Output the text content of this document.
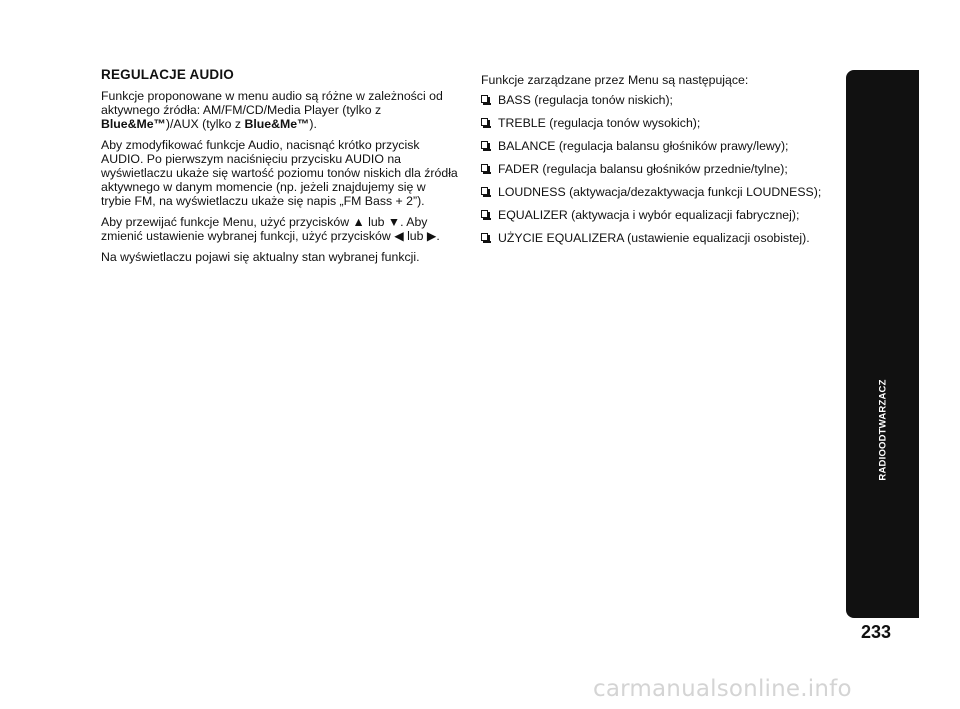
REGULACJE AUDIO

Funkcje proponowane w menu audio są różne w zależności od aktywnego źródła: AM/FM/CD/Media Player (tylko z Blue&Me™)/AUX (tylko z Blue&Me™).

Aby zmodyfikować funkcje Audio, nacisnąć krótko przycisk AUDIO. Po pierwszym naciśnięciu przycisku AUDIO na wyświetlaczu ukaże się wartość poziomu tonów niskich dla źródła aktywnego w danym momencie (np. jeżeli znajdujemy się w trybie FM, na wyświetlaczu ukaże się napis „FM Bass + 2”).

Aby przewijać funkcje Menu, użyć przycisków ▲ lub ▼. Aby zmienić ustawienie wybranej funkcji, użyć przycisków ◀ lub ▶.

Na wyświetlaczu pojawi się aktualny stan wybranej funkcji.

Funkcje zarządzane przez Menu są następujące:

BASS (regulacja tonów niskich);
TREBLE (regulacja tonów wysokich);
BALANCE (regulacja balansu głośników prawy/lewy);
FADER (regulacja balansu głośników przednie/tylne);
LOUDNESS (aktywacja/dezaktywacja funkcji LOUDNESS);
EQUALIZER (aktywacja i wybór equalizacji fabrycznej);
UŻYCIE EQUALIZERA (ustawienie equalizacji osobistej).
RADIOODTWARZACZ
233
carmanualsonline.info
